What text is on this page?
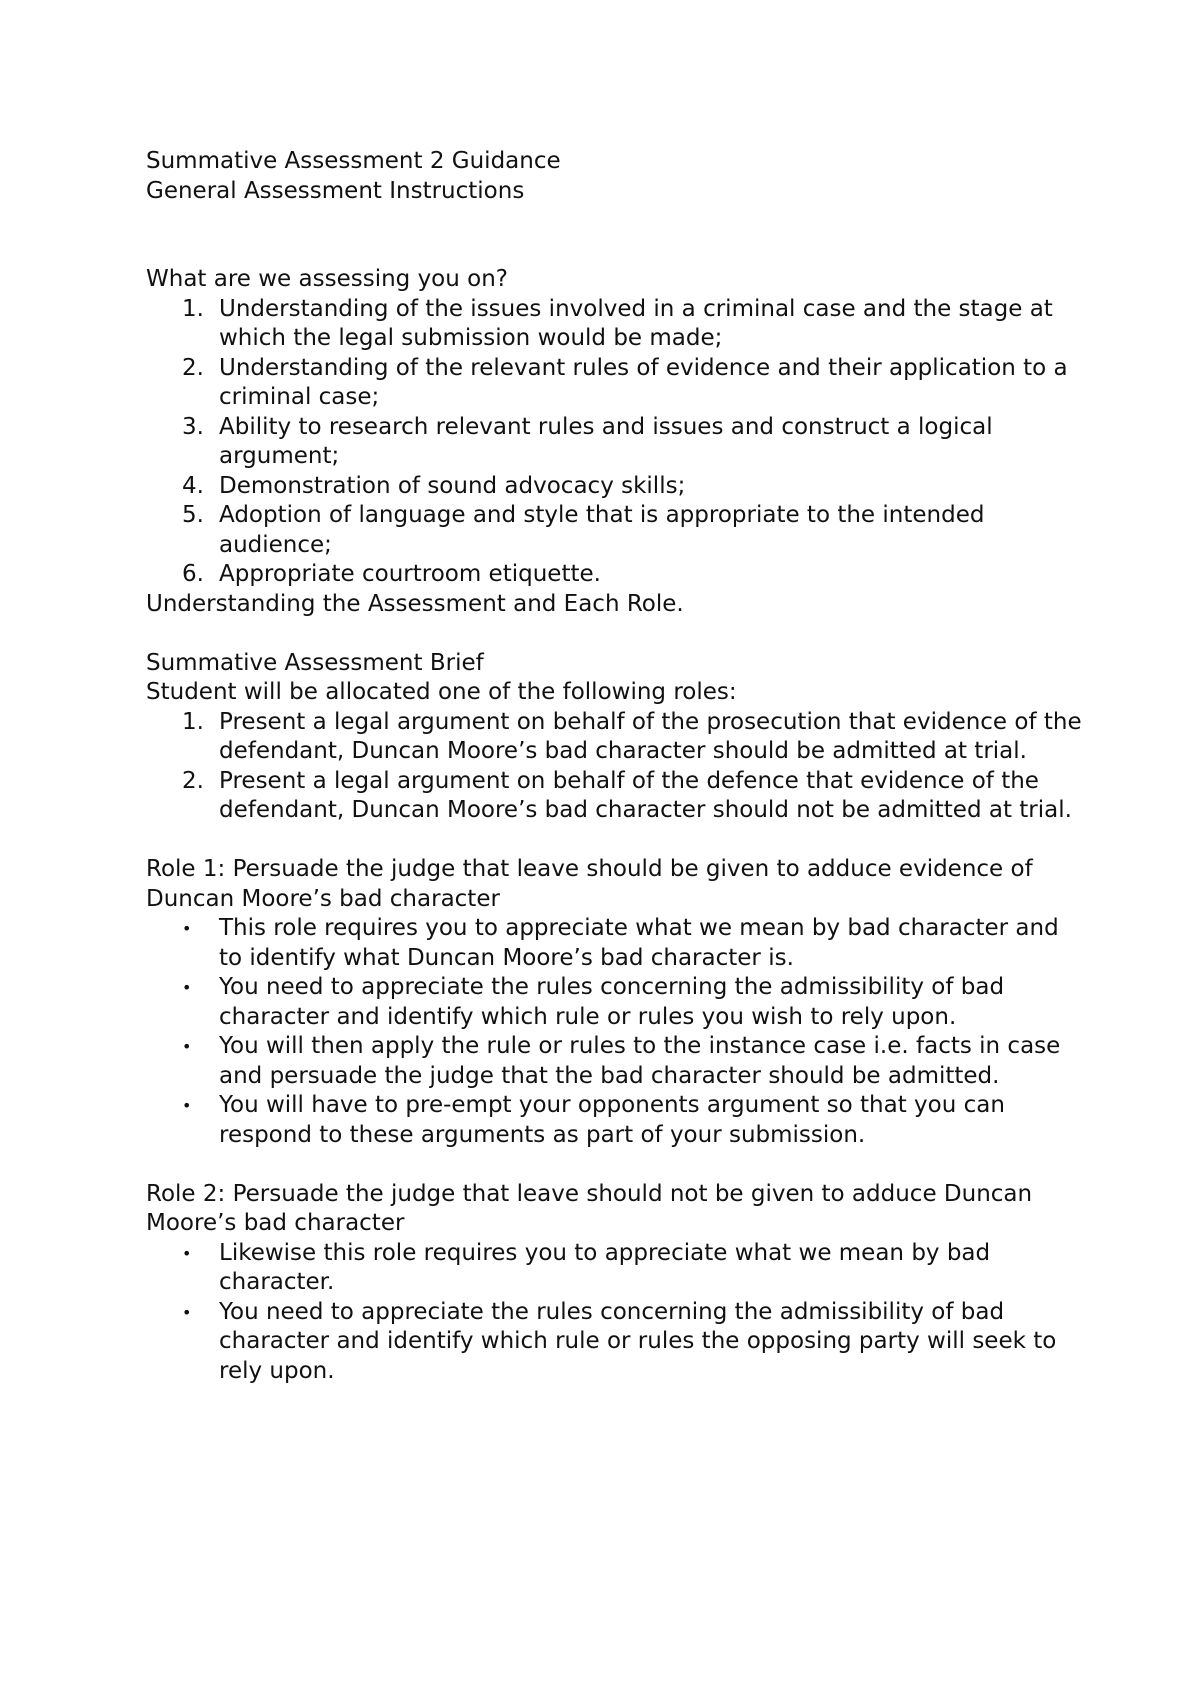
Summative Assessment 2 Guidance

General Assessment Instructions

What are we assessing you on?

1. Understanding of the issues involved in a criminal case and the stage at which the legal submission would be made;
2. Understanding of the relevant rules of evidence and their application to a criminal case;
3. Ability to research relevant rules and issues and construct a logical argument;
4. Demonstration of sound advocacy skills;
5. Adoption of language and style that is appropriate to the intended audience;
6. Appropriate courtroom etiquette.

Understanding the Assessment and Each Role.

Summative Assessment Brief

Student will be allocated one of the following roles:

1. Present a legal argument on behalf of the prosecution that evidence of the defendant, Duncan Moore’s bad character should be admitted at trial.
2. Present a legal argument on behalf of the defence that evidence of the defendant, Duncan Moore’s bad character should not be admitted at trial.

Role 1: Persuade the judge that leave should be given to adduce evidence of Duncan Moore’s bad character

•	This role requires you to appreciate what we mean by bad character and to identify what Duncan Moore’s bad character is.
•	You need to appreciate the rules concerning the admissibility of bad character and identify which rule or rules you wish to rely upon.
•	You will then apply the rule or rules to the instance case i.e. facts in case and persuade the judge that the bad character should be admitted.
•	You will have to pre-empt your opponents argument so that you can respond to these arguments as part of your submission.

Role 2: Persuade the judge that leave should not be given to adduce Duncan Moore’s bad character

•	Likewise this role requires you to appreciate what we mean by bad character.
•	You need to appreciate the rules concerning the admissibility of bad character and identify which rule or rules the opposing party will seek to rely upon.
